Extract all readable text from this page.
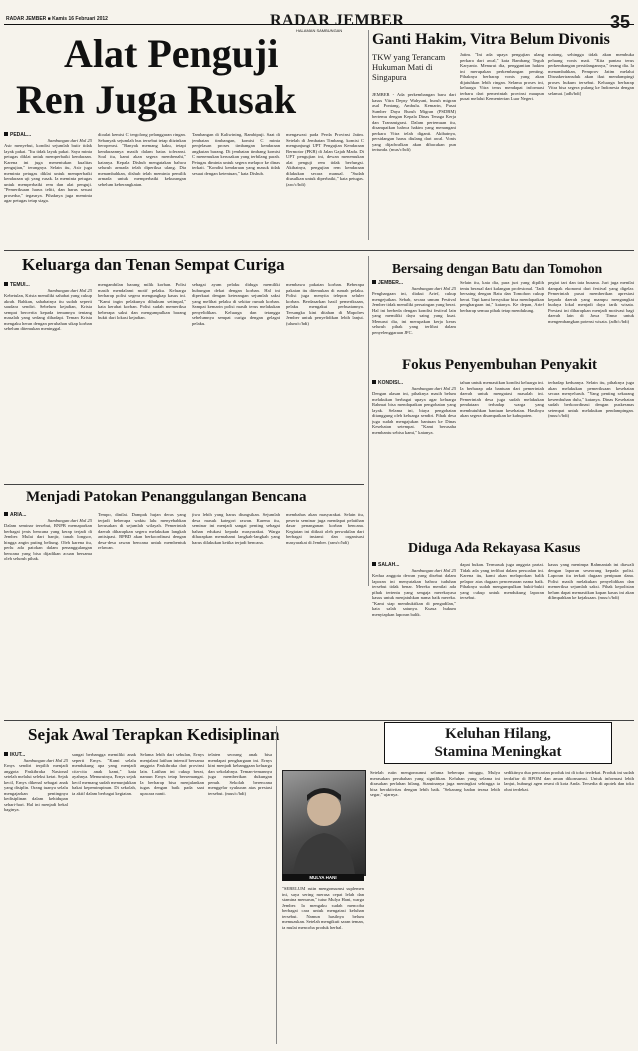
RADAR JEMBER ■ Kamis 16 Februari 2012	RADAR JEMBER
HALAMAN SAMBUNGAN	35
Alat Penguji
Ren Juga Rusak
PEDAL...
Sambungan dari Hal 25
Asir menyebut, kondisi sejumlah butir tidak layak pakai. "Itu tidak layak pakai. Saya minta petugas diklat untuk memperbaiki kendaraan. Karena ini juga menentukan kualitas pengujian," terangnya. Selain itu, Asir juga meminta petugas diklat untuk memperbaiki kendaraan uji yang rusak. Ia meminta petugas untuk memperbaiki rem dan alat penguji. "Pemeriksaan harus teliti, dan harus sesuai prosedur," tegasnya. Pihaknya juga meminta agar petugas tetap siaga.
dioalat kemisi C tergolong pelanggaran ringan. Sebanyak sejumlah bus tersebut tetap diizinkan beroperasi. "Banyak memang kaku, tetapi kendaraannya masih dalam batas toleransi. Soal itu, kami akan segera membenahi," katanya. Kepala Dishub mengatakan bahwa seluruh armada telah diperiksa ulang. Dia menambahkan, dishub telah meminta pemilik armada untuk memperbaiki kekurangan sebelum keberangkatan.
Tambangan di Kaliwining, Rambipuji. Saat di jembatan timbangan, komisi C minta penjelasan proses timbangan kendaraan angkutan barang. Di jembatan timbang komisi C menemukan kerusakan yang terbilang parah. Petugas diminta untuk segera melapor ke dinas terkait. "Kondisi kendaraan yang masuk tidak sesuai dengan ketentuan," kata Dishub.
mengawasi pada Perda Provinsi Jatim. Setelah di Jembatan Timbang, komisi C mengunjungi UPT Pengujian Kendaraan Bermotor (PKB) di Jalan Gajah Mada. Di UPT pengujian ini, dewan menemukan alat penguji rem tidak berfungsi. Akibatnya, pengujian rem kendaraan dilakukan secara manual. "Sudah diusulkan untuk diperbaiki," kata petugas. (aro/c/hdi)
Ganti Hakim, Vitra Belum Divonis
TKW yang Terancam Hukuman Mati di Singapura
JEMBER - Ada perkembangan baru dari kasus Vitra Depsy Wahyuni, buruh migran asal Pontang, Ambulu. Kemarin, Pusat Sumber Daya Buruh Migran (PSDBM) bertemu dengan Kepala Dinas Tenaga Kerja dan Transmigrasi. Dalam pertemuan itu, disampaikan bahwa hakim yang menangani perkara Vitra telah diganti. Akibatnya, persidangan harus diulang dari awal. Vonis yang dijadwalkan akan dibacakan pun tertunda. (mus/c/hdi)
Jatim. "Ini ada upaya pengujian ulang perkara dari awal," kata Bambang Teguh Karyanto. Menurut dia, penggantian hakim ini merupakan perkembangan penting. Pihaknya berharap vonis yang akan dijatuhkan lebih ringan. Selama proses ini, keluarga Vitra terus mendapat informasi terbaru dari pemerintah provinsi maupun pusat melalui Kementerian Luar Negeri.
matang, sehingga tidak akan membuka peluang vonis mati. "Kita pantau terus perkembangan persidangannya," terang dia. Ia menambahkan, Pemprov Jatim melalui Disnakertransduk akan ikut mendampingi proses hukum tersebut. Keluarga berharap Vitra bisa segera pulang ke Indonesia dengan selamat. [adb/hdi]
Bersaing dengan Batu dan Tomohon
JEMBER...
Sambungan dari Hal 25
Penghargaan ini, diakui Arief, cukup mengejutkan. Sebab, secara umum Festival Jember tidak memiliki persaingan yang berat. Hal ini berbeda dengan kondisi festival lain yang memiliki daya saing yang kuat. Menurut dia, ini merupakan kerja keras seluruh pihak yang terlibat dalam penyelenggaraan JFC.
Selain itu, kata dia, para juri yang dipilih tentu berasal dari kalangan profesional. "Jadi bersaing dengan Batu dan Tomohon cukup berat. Tapi kami bersyukur bisa mendapatkan penghargaan ini," katanya. Ke depan, Arief berharap semua pihak tetap mendukung.
pegiat tari dan tata busana. Juri juga menilai dampak ekonomi dari festival yang digelar. Pemerintah pusat memberikan apresiasi kepada daerah yang mampu mengangkat budaya lokal menjadi daya tarik wisata. Prestasi ini diharapkan menjadi motivasi bagi daerah lain di Jawa Timur untuk mengembangkan potensi wisata. (adb/c/hdi)
Keluarga dan Tenan Sempat Curiga
TEMUI...
Sambungan dari Hal 25
Kebetulan, Krista memiliki sahabat yang cukup akrab. Bahkan, sahabatnya itu sudah seperti saudara sendiri. Sebelum kejadian, Krista sempat bercerita kepada temannya tentang masalah yang sedang dihadapi. Teman Krista mengaku heran dengan perubahan sikap korban sebelum ditemukan meninggal.
mengambilan barang milik korban. Polisi masih mendalami motif pelaku. Keluarga berharap polisi segera mengungkap kasus ini. "Kami ingin pelakunya dihukum setimpal," kata kerabat korban. Polisi sudah memeriksa beberapa saksi dan mengumpulkan barang bukti dari lokasi kejadian.
sebagai ayam pelaku diduga memiliki hubungan dekat dengan korban. Hal ini diperkuat dengan keterangan sejumlah saksi yang melihat pelaku di sekitar rumah korban. Sampai kemarin polisi masih terus melakukan penyelidikan. Keluarga dan tetangga sebelumnya sempat curiga dengan gelagat pelaku.
membawa pakaian korban. Beberapa pakaian itu ditemukan di rumah pelaku. Polisi juga menyita telepon seluler korban. Berdasarkan hasil pemeriksaan, pelaku mengakui perbuatannya. Tersangka kini ditahan di Mapolres Jember untuk penyelidikan lebih lanjut. (ulum/c/hdi)
Fokus Penyembuhan Penyakit
KONDISI...
Sambungan dari Hal 25
Dengan alasan ini, pihaknya masih belum melakukan berbagai upaya agar keluarga Rahmat bisa mendapatkan pengobatan yang layak. Selama ini, biaya pengobatan ditanggung oleh keluarga sendiri. Pihak desa juga sudah mengajukan bantuan ke Dinas Kesehatan setempat. "Kami berusaha membantu sebisa kami," katanya.
tahun untuk memastikan kondisi keluarga ini. Ia berharap ada bantuan dari pemerintah daerah untuk mengatasi masalah ini. Pemerintah desa juga sudah melakukan pendataan terhadap warga yang membutuhkan bantuan kesehatan. Hasilnya akan segera disampaikan ke kabupaten.
terhadap keduanya. Selain itu, pihaknya juga akan melakukan pemeriksaan kesehatan secara menyeluruh. "Yang penting sekarang kesembuhan dulu," katanya. Dinas Kesehatan sudah berkoordinasi dengan puskesmas setempat untuk melakukan pendampingan. (mus/c/hdi)
Diduga Ada Rekayasa Kasus
SALAH...
Sambungan dari Hal 25
Kedua anggota dewan yang disebut dalam laporan ini menyatakan bahwa tuduhan tersebut tidak benar. Mereka menilai ada pihak tertentu yang sengaja merekayasa kasus untuk menjatuhkan nama baik mereka. "Kami siap membuktikan di pengadilan," kata salah satunya. Kuasa hukum menyiapkan laporan balik.
dapat bukan. Termasuk juga anggota partai. Tidak ada yang terlibat dalam persoalan ini. Karena itu, kami akan melaporkan balik pelapor atas dugaan pencemaran nama baik. Pihaknya sudah mengumpulkan bukti-bukti yang cukup untuk mendukung laporan tersebut.
kasus yang menimpa Rahmaniah ini diawali dengan laporan seseorang kepada polisi. Laporan itu terkait dugaan penipuan dana. Polisi masih melakukan penyelidikan dan memeriksa sejumlah saksi. Pihak kepolisian belum dapat memastikan kapan kasus ini akan dilimpahkan ke kejaksaan. (mus/c/hdi)
Menjadi Patokan Penanggulangan Bencana
ARIA...
Sambungan dari Hal 25
Dalam seminar tersebut, BNPB memaparkan berbagai jenis bencana yang kerap terjadi di Jember. Mulai dari banjir, tanah longsor, hingga angin puting beliung. Oleh karena itu, perlu ada patokan dalam penanggulangan bencana yang bisa dijadikan acuan bersama oleh seluruh pihak.
Tempo, dinilai. Dampak hujan deras yang terjadi beberapa waktu lalu menyebabkan kerusakan di sejumlah wilayah. Pemerintah daerah diharapkan segera melakukan langkah antisipasi. BPBD akan berkoordinasi dengan desa-desa rawan bencana untuk membentuk relawan.
jiwa lebih yang harus diungsikan. Sejumlah desa masuk kategori rawan. Karena itu, seminar ini menjadi sangat penting sebagai bahan edukasi kepada masyarakat. Warga diharapkan memahami langkah-langkah yang harus dilakukan ketika terjadi bencana.
membahas akan masyarakat. Selain itu, peserta seminar juga mendapat pelatihan dasar penanganan korban bencana. Kegiatan ini diikuti oleh perwakilan dari berbagai instansi dan organisasi masyarakat di Jember. (ram/c/hdi)
Sejak Awal Terapkan Kedisiplinan
IKUT...
Sambungan dari Hal 25
Ernys sendiri terpilih menjadi anggota Paskibraka Nasional setelah melalui seleksi ketat. Sejak kecil, Ernys dikenal sebagai anak yang disiplin. Orang tuanya selalu mengajarkan pentingnya kedisiplinan dalam kehidupan sehari-hari. Hal ini menjadi bekal baginya.
sangat berbangga memiliki anak seperti Ernys. "Kami selalu mendukung apa yang menjadi cita-cita anak kami," kata ayahnya. Menurutnya, Ernys sejak kecil memang sudah menunjukkan bakat kepemimpinan. Di sekolah, ia aktif dalam berbagai kegiatan.
Selama lebih dari sebulan, Ernys menjalani latihan intensif bersama anggota Paskibraka dari provinsi lain. Latihan ini cukup berat, namun Ernys tetap bersemangat. Ia berharap bisa menjalankan tugas dengan baik pada saat upacara nanti.
telaten seorang anak bisa mendapat penghargaan ini. Ernys kini menjadi kebanggaan keluarga dan sekolahnya. Teman-temannya juga memberikan dukungan penuh. Sekolah berencana menggelar syukuran atas prestasi tersebut. (mus/c/hdi)
Keluhan Hilang,
Stamina Meningkat
MULYA HANI
"SEBELUM rutin mengonsumsi suplemen ini, saya sering merasa cepat lelah dan stamina menurun," tutur Mulya Hani, warga Jember. Ia mengaku sudah mencoba berbagai cara untuk mengatasi keluhan tersebut. Namun hasilnya belum memuaskan. Setelah mengikuti saran teman, ia mulai mencoba produk herbal.
Setelah rutin mengonsumsi selama beberapa minggu, Mulya merasakan perubahan yang signifikan. Keluhan yang selama ini dirasakan perlahan hilang. Staminanya juga meningkat sehingga ia bisa beraktivitas dengan lebih baik. "Sekarang badan terasa lebih segar," ujarnya.
sedikitnya dua pencarian produk ini di toko terdekat. Produk ini sudah terdaftar di BPOM dan aman dikonsumsi. Untuk informasi lebih lanjut, hubungi agen resmi di kota Anda. Tersedia di apotek dan toko obat terdekat.
